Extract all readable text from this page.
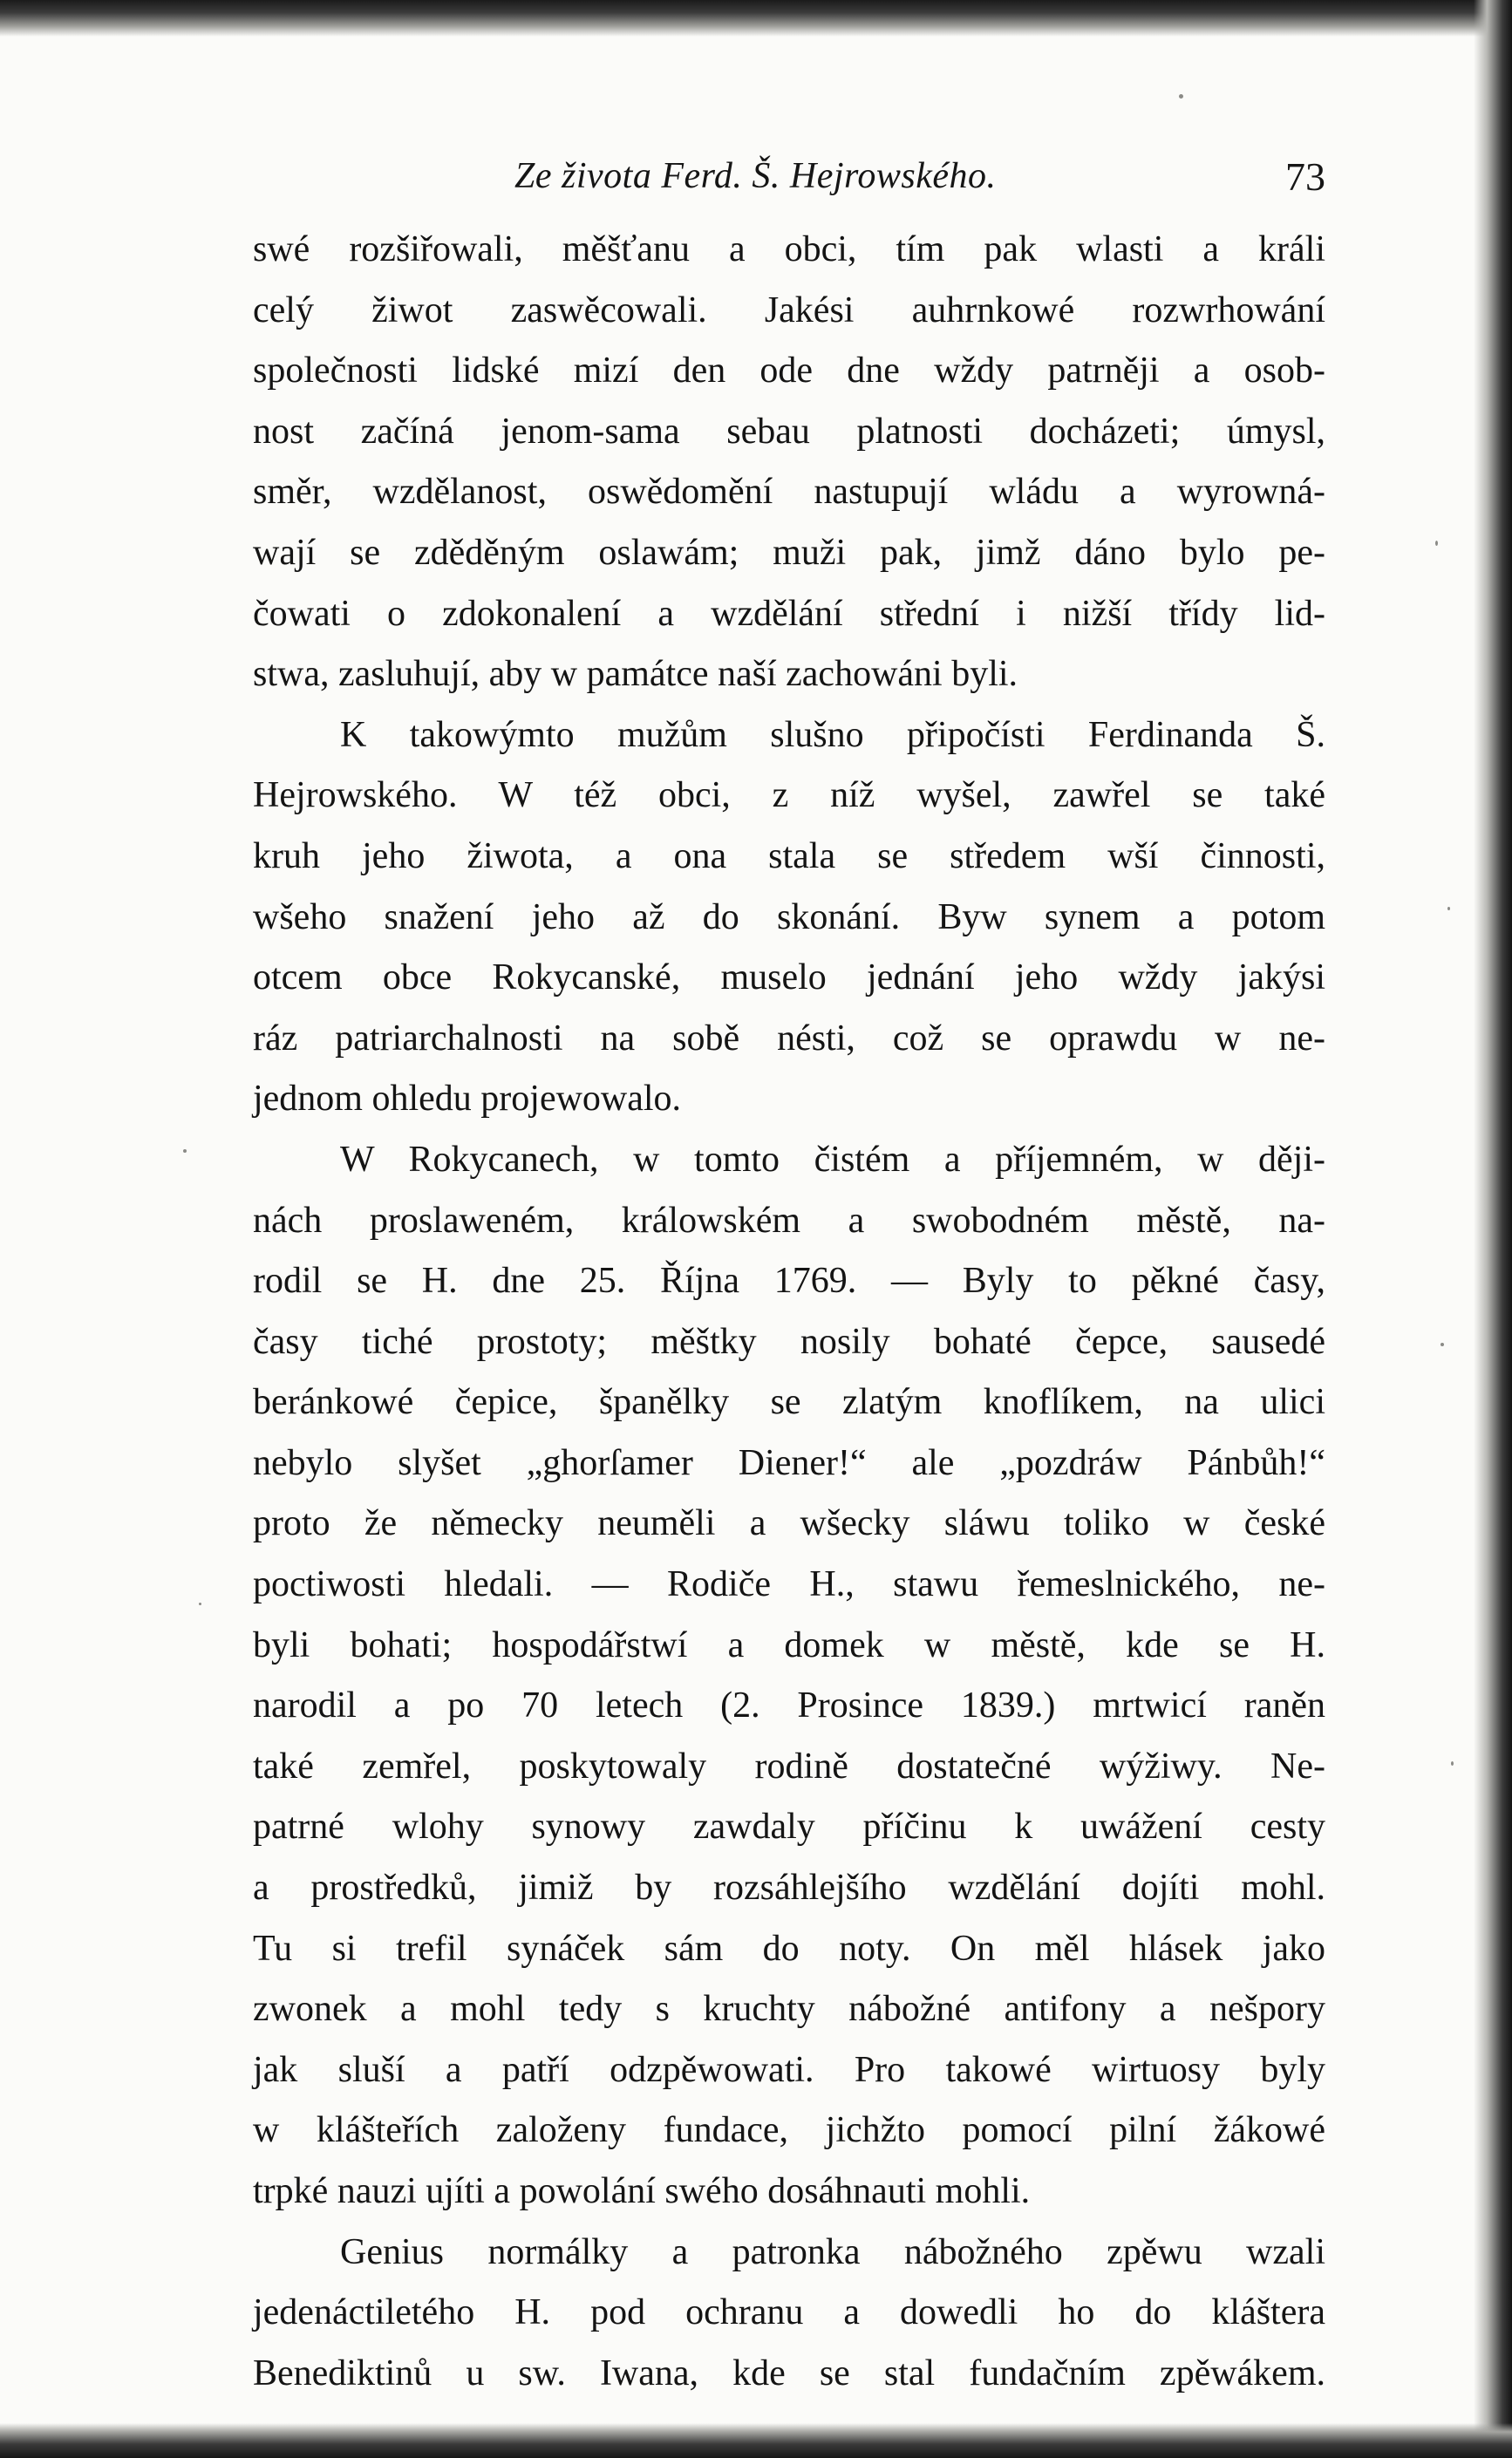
Ze života Ferd. Š. Hejrowského.	73
swé rozšiřowali, měšťanu a obci, tím pak wlasti a králi
celý žiwot zaswěcowali. Jakési auhrnkowé rozwrhowání
společnosti lidské mizí den ode dne wždy patrněji a osob-
nost začíná jenom-sama sebau platnosti docházeti; úmysl,
směr, wzdělanost, oswědomění nastupují wládu a wyrowná-
wají se zděděným oslawám; muži pak, jimž dáno bylo pe-
čowati o zdokonalení a wzdělání střední i nižší třídy lid-
stwa, zasluhují, aby w památce naší zachowáni byli.
K takowýmto mužům slušno připočísti Ferdinanda Š.
Hejrowského. W též obci, z níž wyšel, zawřel se také
kruh jeho žiwota, a ona stala se středem wší činnosti,
wšeho snažení jeho až do skonání. Byw synem a potom
otcem obce Rokycanské, muselo jednání jeho wždy jakýsi
ráz patriarchalnosti na sobě nésti, což se oprawdu w ne-
jednom ohledu projewowalo.
W Rokycanech, w tomto čistém a příjemném, w ději-
nách proslaweném, králowském a swobodném městě, na-
rodil se H. dne 25. Října 1769. — Byly to pěkné časy,
časy tiché prostoty; měštky nosily bohaté čepce, sausedé
beránkowé čepice, španělky se zlatým knoflíkem, na ulici
nebylo slyšet „ghorſamer Diener!“ ale „pozdráw Pánbůh!“
proto že německy neuměli a wšecky sláwu toliko w české
poctiwosti hledali. — Rodiče H., stawu řemeslnického, ne-
byli bohati; hospodářstwí a domek w městě, kde se H.
narodil a po 70 letech (2. Prosince 1839.) mrtwicí raněn
také zemřel, poskytowaly rodině dostatečné wýžiwy. Ne-
patrné wlohy synowy zawdaly příčinu k uwážení cesty
a prostředků, jimiž by rozsáhlejšího wzdělání dojíti mohl.
Tu si trefil synáček sám do noty. On měl hlásek jako
zwonek a mohl tedy s kruchty nábožné antifony a nešpory
jak sluší a patří odzpěwowati. Pro takowé wirtuosy byly
w klášteřích založeny fundace, jichžto pomocí pilní žákowé
trpké nauzi ujíti a powolání swého dosáhnauti mohli.
Genius normálky a patronka nábožného zpěwu wzali
jedenáctiletého H. pod ochranu a dowedli ho do kláštera
Benediktinů u sw. Iwana, kde se stal fundačním zpěwákem.
